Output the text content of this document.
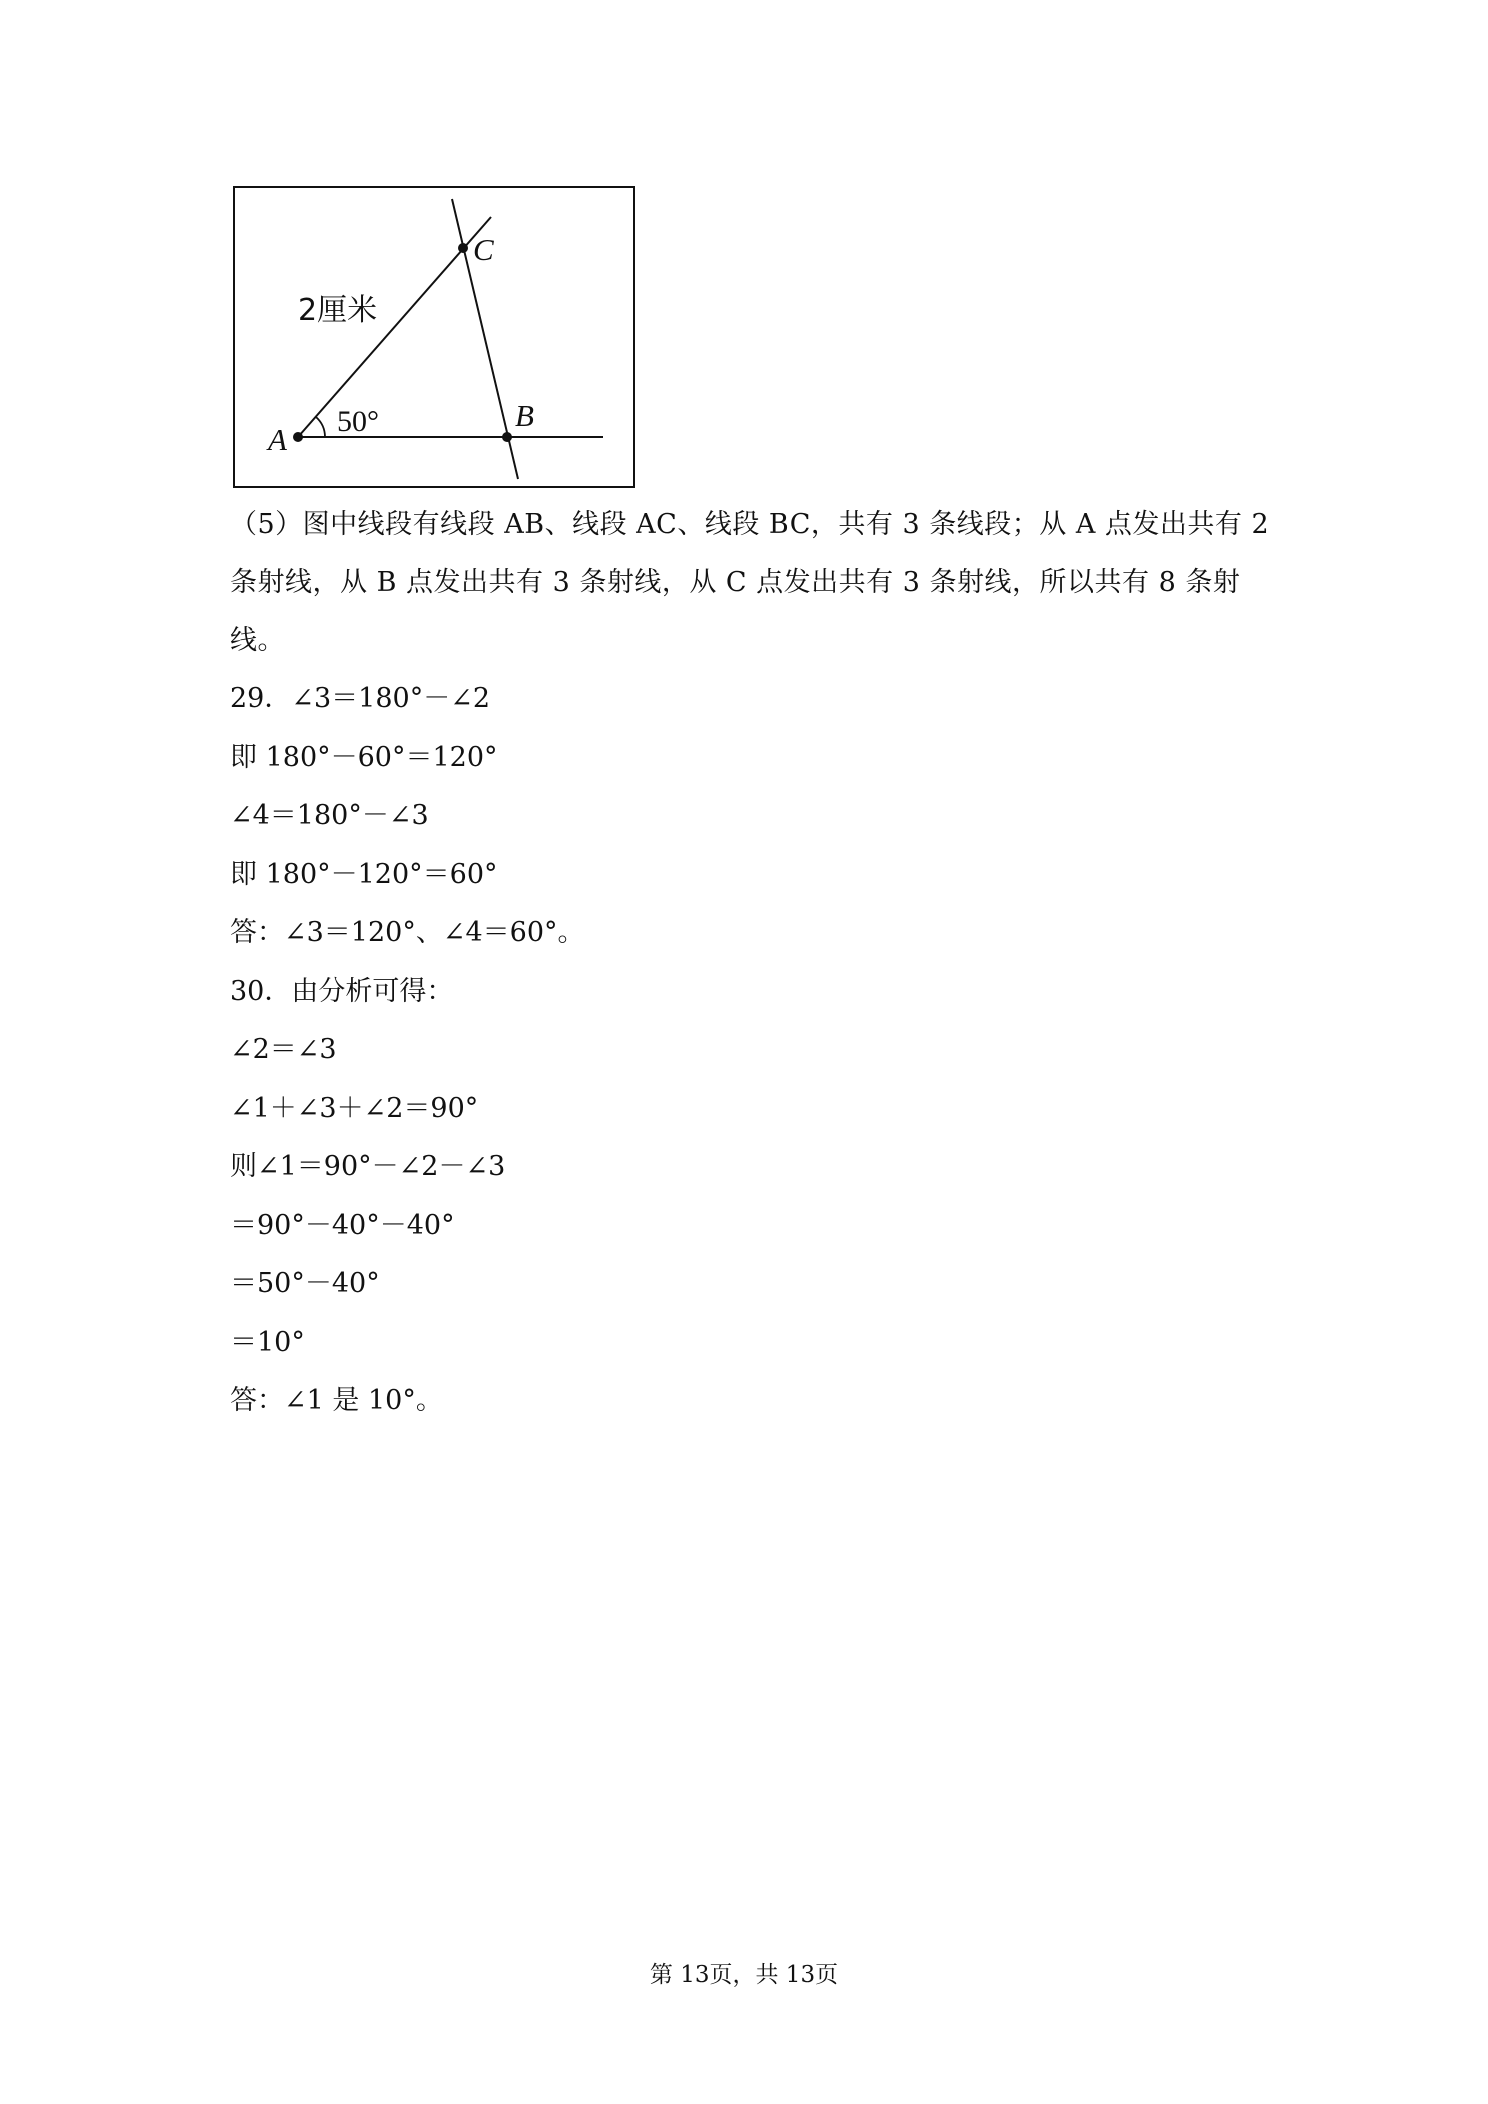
A
B
C
2厘米
50°

（5）图中线段有线段 AB、线段 AC、线段 BC，共有 3 条线段；从 A 点发出共有 2 条射线，从 B 点发出共有 3 条射线，从 C 点发出共有 3 条射线，所以共有 8 条射线。

29．∠3＝180°－∠2

即 180°－60°＝120°

∠4＝180°－∠3

即 180°－120°＝60°

答：∠3＝120°、∠4＝60°。

30．由分析可得：

∠2＝∠3

∠1＋∠3＋∠2＝90°

则∠1＝90°－∠2－∠3

＝90°－40°－40°

＝50°－40°

＝10°

答：∠1 是 10°。

第 13页，共 13页
